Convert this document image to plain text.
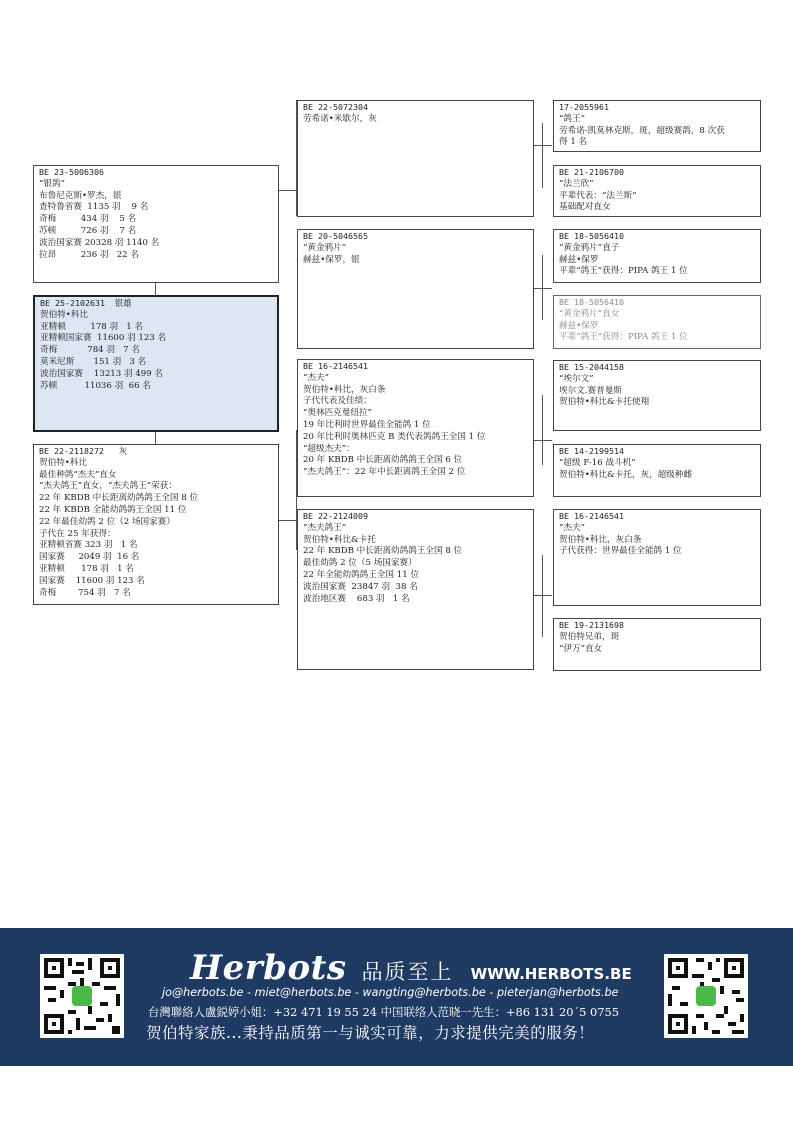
BE 23-5006306
“银鸽”
布鲁尼克斯•罗杰，银
查特鲁省赛  1135 羽    9 名
奇梅         434 羽    5 名
苏顿         726 羽    7 名
波治国家赛 20328 羽 1140 名
拉昂         236 羽   22 名
BE 25-2102631  银雄
贺伯特•科比
亚精顿         178 羽   1 名
亚精顿国家赛  11600 羽 123 名
奇梅           784 羽   7 名
莫米尼斯       151 羽   3 名
波治国家赛    13213 羽 499 名
苏顿          11036 羽  66 名
BE 22-2118272   灰
贺伯特•科比
最佳种鸽“杰夫”直女
“杰夫鸽王”直女，“杰夫鸽王”荣获：
22 年 KBDB 中长距离幼鸽鸽王全国 8 位
22 年 KBDB 全能幼鸽鸽王全国 11 位
22 年最佳幼鸽 2 位（2 场国家赛）
子代在 25 年获得：
亚精顿省赛 323 羽   1 名
国家赛     2049 羽  16 名
亚精顿      178 羽   1 名
国家赛    11600 羽 123 名
奇梅        754 羽   7 名
BE 22-5072304
劳希诺•米歇尔，灰
BE 20-5046565
“黄金鸦片”
赫兹•保罗，银
BE 16-2146541
“杰夫”
贺伯特•科比，灰白条
子代代表及佳绩：
“奥林匹克曼纽拉”
19 年比利时世界最佳全能鸽 1 位
20 年比利时奥林匹克 B 类代表鸽鸽王全国 1 位
“超级杰夫”：
20 年 KBDB 中长距离幼鸽鸽王全国 6 位
“杰夫鸽王”：22 年中长距离鸽王全国 2 位
BE 22-2124009
“杰夫鸽王”
贺伯特•科比&卡托
22 年 KBDB 中长距离幼鸽鸽王全国 8 位
最佳幼鸽 2 位（5 场国家赛）
22 年全能幼鸽鸽王全国 11 位
波治国家赛  23847 羽  38 名
波治地区赛    683 羽   1 名
17-2055961
“鸽王”
劳希诺-凯莫林克斯，斑，超级赛鸽，8 次获
得 1 名
BE 21-2106700
“法兰欣”
平辈代表：“法兰斯”
基础配对直女
BE 18-5056410
“黄金鸦片”直子
赫兹•保罗
平辈“鸽王”获得：PIPA 鸽王 1 位
BE 18-5056410
“黄金鸦片”直女
赫兹•保罗
平辈“鸽王”获得：PIPA 鸽王 1 位
BE 15-2044158
“埃尔文”
埃尔文.赛普曼斯
贺伯特•科比&卡托使翔
BE 14-2199514
“超级 F-16 战斗机”
贺伯特•科比&卡托，灰，超级种雌
BE 16-2146541
“杰夫”
贺伯特•科比，灰白条
子代获得：世界最佳全能鸽 1 位
BE 19-2131698
贺伯特兄弟，斑
“伊万”直女
Herbots 品质至上 WWW.HERBOTS.BE
jo@herbots.be - miet@herbots.be - wangting@herbots.be - pieterjan@herbots.be
台灣聯絡人盧鋭婷小姐：+32 471 19 55 24 中国联络人范晓一先生：+86 131 20´5 0755
贺伯特家族...秉持品质第一与诚实可靠，力求提供完美的服务！
